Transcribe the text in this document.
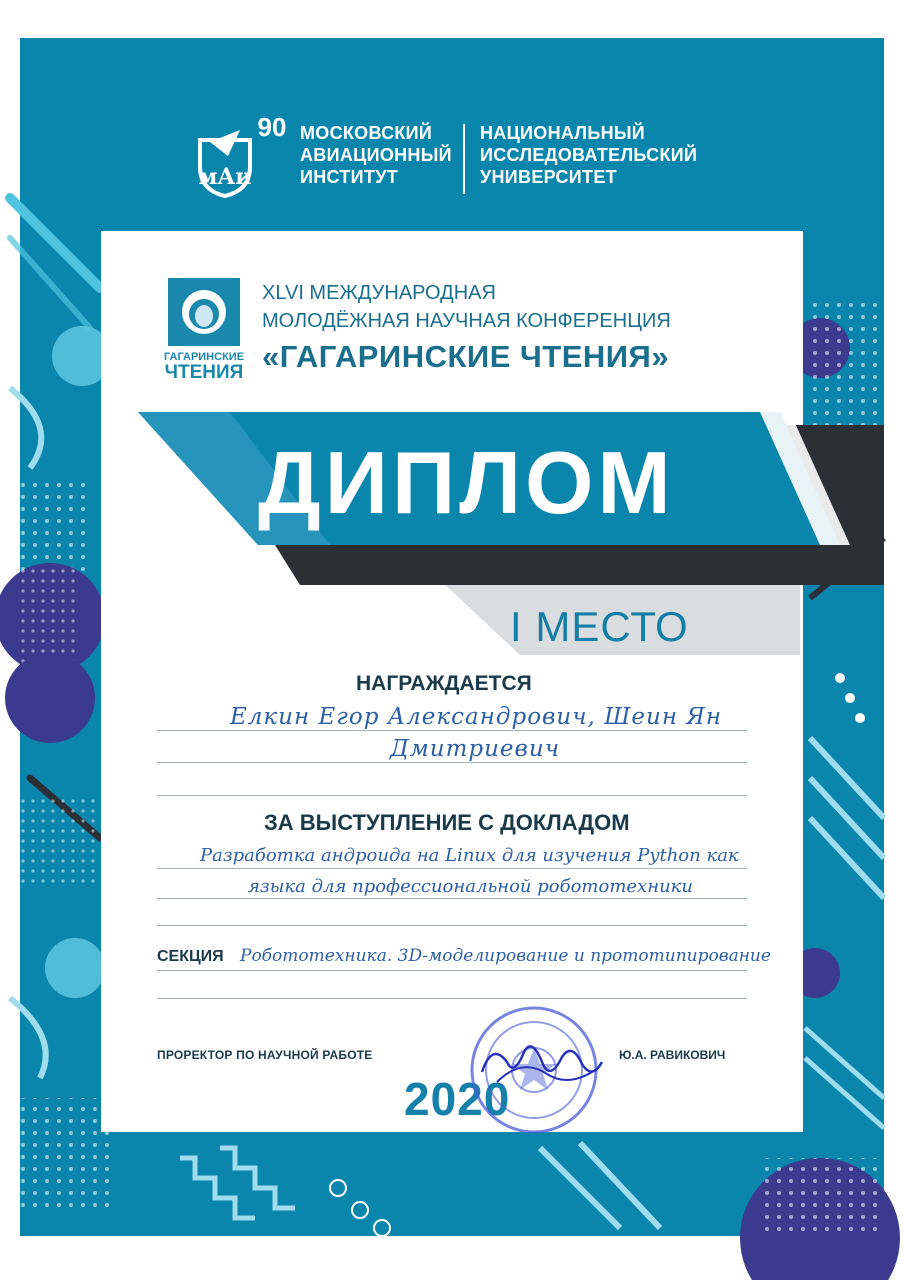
мАи
90 МОСКОВСКИЙ
АВИАЦИОННЫЙ
ИНСТИТУТ
НАЦИОНАЛЬНЫЙ
ИССЛЕДОВАТЕЛЬСКИЙ
УНИВЕРСИТЕТ
ГАГАРИНСКИЕ
ЧТЕНИЯ
XLVI МЕЖДУНАРОДНАЯ
МОЛОДЁЖНАЯ НАУЧНАЯ КОНФЕРЕНЦИЯ
«ГАГАРИНСКИЕ ЧТЕНИЯ»
ДИПЛОМ
I МЕСТО
НАГРАЖДАЕТСЯ
Елкин Егор Александрович, Шеин Ян
Дмитриевич
ЗА ВЫСТУПЛЕНИЕ С ДОКЛАДОМ
Разработка андроида на Linux для изучения Python как
языка для профессиональной робототехники
СЕКЦИЯ Робототехника. 3D-моделирование и прототипирование
ПРОРЕКТОР ПО НАУЧНОЙ РАБОТЕ	Ю.А. РАВИКОВИЧ
2020
